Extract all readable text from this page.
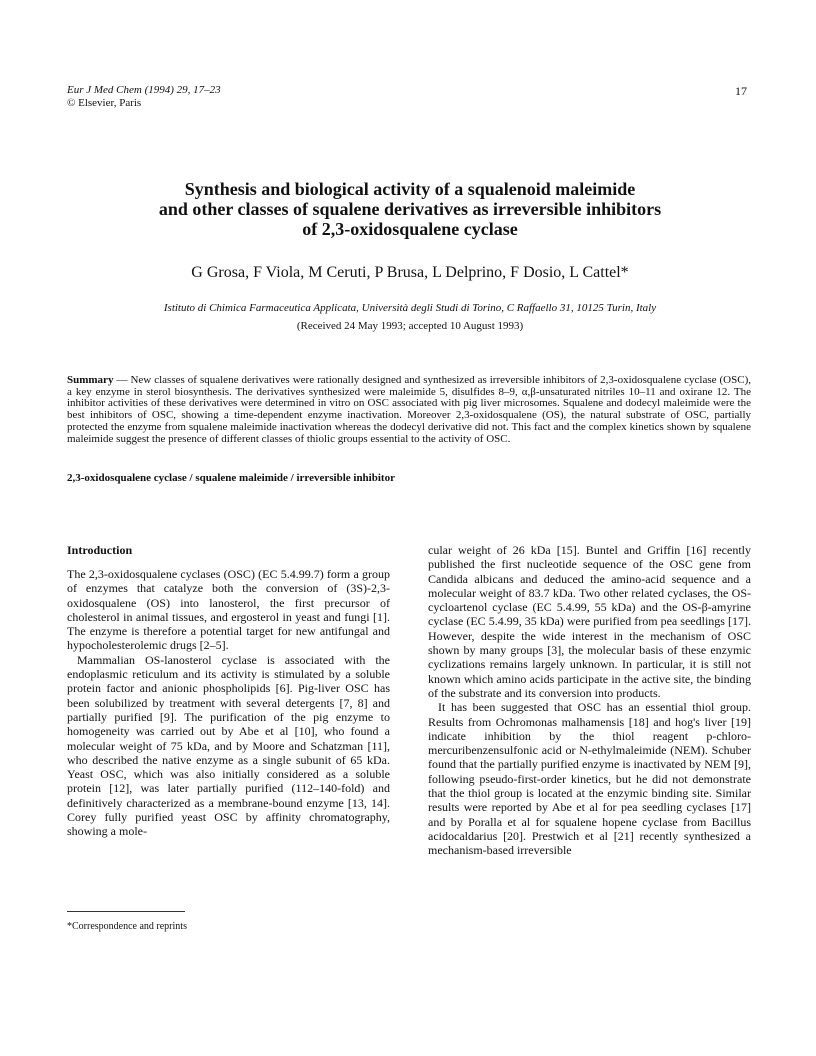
Eur J Med Chem (1994) 29, 17–23
© Elsevier, Paris
17
Synthesis and biological activity of a squalenoid maleimide
and other classes of squalene derivatives as irreversible inhibitors
of 2,3-oxidosqualene cyclase
G Grosa, F Viola, M Ceruti, P Brusa, L Delprino, F Dosio, L Cattel*
Istituto di Chimica Farmaceutica Applicata, Università degli Studi di Torino, C Raffaello 31, 10125 Turin, Italy
(Received 24 May 1993; accepted 10 August 1993)
Summary — New classes of squalene derivatives were rationally designed and synthesized as irreversible inhibitors of 2,3-oxidosqualene cyclase (OSC), a key enzyme in sterol biosynthesis. The derivatives synthesized were maleimide 5, disulfides 8–9, α,β-unsaturated nitriles 10–11 and oxirane 12. The inhibitor activities of these derivatives were determined in vitro on OSC associated with pig liver microsomes. Squalene and dodecyl maleimide were the best inhibitors of OSC, showing a time-dependent enzyme inactivation. Moreover 2,3-oxidosqualene (OS), the natural substrate of OSC, partially protected the enzyme from squalene maleimide inactivation whereas the dodecyl derivative did not. This fact and the complex kinetics shown by squalene maleimide suggest the presence of different classes of thiolic groups essential to the activity of OSC.
2,3-oxidosqualene cyclase / squalene maleimide / irreversible inhibitor
Introduction

The 2,3-oxidosqualene cyclases (OSC) (EC 5.4.99.7) form a group of enzymes that catalyze both the conversion of (3S)-2,3-oxidosqualene (OS) into lanosterol, the first precursor of cholesterol in animal tissues, and ergosterol in yeast and fungi [1]. The enzyme is therefore a potential target for new antifungal and hypocholesterolemic drugs [2–5].

Mammalian OS-lanosterol cyclase is associated with the endoplasmic reticulum and its activity is stimulated by a soluble protein factor and anionic phospholipids [6]. Pig-liver OSC has been solubilized by treatment with several detergents [7, 8] and partially purified [9]. The purification of the pig enzyme to homogeneity was carried out by Abe et al [10], who found a molecular weight of 75 kDa, and by Moore and Schatzman [11], who described the native enzyme as a single subunit of 65 kDa. Yeast OSC, which was also initially considered as a soluble protein [12], was later partially purified (112–140-fold) and definitively characterized as a membrane-bound enzyme [13, 14]. Corey fully purified yeast OSC by affinity chromatography, showing a mole-

cular weight of 26 kDa [15]. Buntel and Griffin [16] recently published the first nucleotide sequence of the OSC gene from Candida albicans and deduced the amino-acid sequence and a molecular weight of 83.7 kDa. Two other related cyclases, the OS-cycloartenol cyclase (EC 5.4.99, 55 kDa) and the OS-β-amyrine cyclase (EC 5.4.99, 35 kDa) were purified from pea seedlings [17]. However, despite the wide interest in the mechanism of OSC shown by many groups [3], the molecular basis of these enzymic cyclizations remains largely unknown. In particular, it is still not known which amino acids participate in the active site, the binding of the substrate and its conversion into products.

It has been suggested that OSC has an essential thiol group. Results from Ochromonas malhamensis [18] and hog's liver [19] indicate inhibition by the thiol reagent p-chloro-mercuribenzensulfonic acid or N-ethylmaleimide (NEM). Schuber found that the partially purified enzyme is inactivated by NEM [9], following pseudo-first-order kinetics, but he did not demonstrate that the thiol group is located at the enzymic binding site. Similar results were reported by Abe et al for pea seedling cyclases [17] and by Poralla et al for squalene hopene cyclase from Bacillus acidocaldarius [20]. Prestwich et al [21] recently synthesized a mechanism-based irreversible

*Correspondence and reprints
